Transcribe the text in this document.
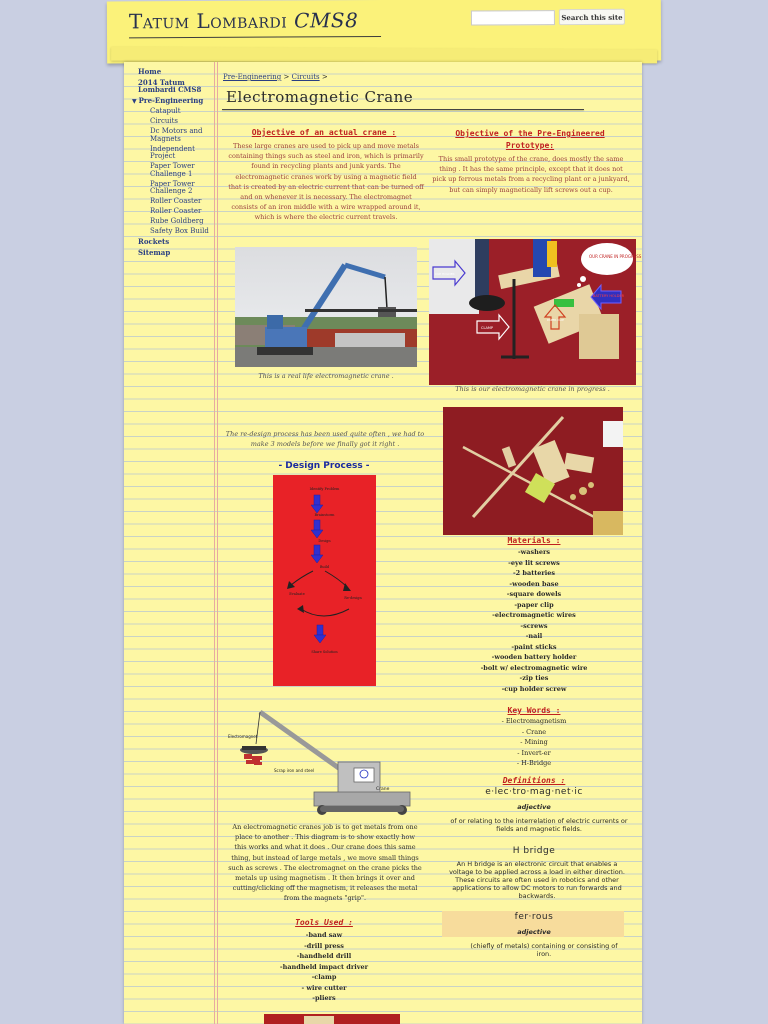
Tatum Lombardi CMS8	Search this site
Home
2014 Tatum Lombardi CMS8
▼ Pre-Engineering
Catapult
Circuits
Dc Motors and Magnets
Independent Project
Paper Tower Challenge 1
Paper Tower Challenge 2
Roller Coaster
Roller Coaster
Rube Goldberg
Safety Box Build
Rockets
Sitemap
Pre-Engineering > Circuits >
Electromagnetic Crane
Objective of an actual crane :
These large cranes are used to pick up and move metals containing things such as steel and iron, which is primarily found in recycling plants and junk yards. The electromagnetic cranes work by using a magnetic field that is created by an electric current that can be turned off and on whenever it is necessary. The electromagnet consists of an iron middle with a wire wrapped around it, which is where the electric current travels.
Objective of the Pre-Engineered Prototype:
This small prototype of the crane, does mostly the same thing . It has the same principle, except that it does not pick up ferrous metals from a recycling plant or a junkyard, but can simply magnetically lift screws out a cup.
This is a real life electromagnetic crane .
OUR CRANE IN PROGRESS
BATTERY HOLDER
CLAMP
PAPER CLIP
CUP HOLDER
This is our electromagnetic crane in progress .
The re-design process has been used quite often , we had to make 3 models before we finally got it right .
- Design Process -
Identify Problem
Brainstorm
Design
Build
Evaluate
Re-design
Share Solution
Materials :
-washers
-eye lit screws
-2 batteries
-wooden base
-square dowels
-paper clip
-electromagnetic wires
-screws
-nail
-paint sticks
-wooden battery holder
-bolt w/ electromagnetic wire
-zip ties
-cup holder screw
Key Words :
- Electromagnetism
- Crane
- Mining
- Invert-er
- H-Bridge
Electromagnet
Scrap iron and steel
Crane
An electromagnetic cranes job is to get metals from one place to another . This diagram is to show exactly how this works and what it does . Our crane does this same thing, but instead of large metals , we move small things such as screws . The electromagnet on the crane picks the metals up using magnetism . It then brings it over and cutting/clicking off the magnetism, it releases the metal from the magnets "grip".
Definitions :
e·lec·tro·mag·net·ic
adjective
of or relating to the interrelation of electric currents or fields and magnetic fields.
H bridge
An H bridge is an electronic circuit that enables a voltage to be applied across a load in either direction. These circuits are often used in robotics and other applications to allow DC motors to run forwards and backwards.
fer·rous
adjective
(chiefly of metals) containing or consisting of iron.
Tools Used :
-band saw
-drill press
-handheld drill
-handheld impact driver
-clamp
- wire cutter
-pliers
